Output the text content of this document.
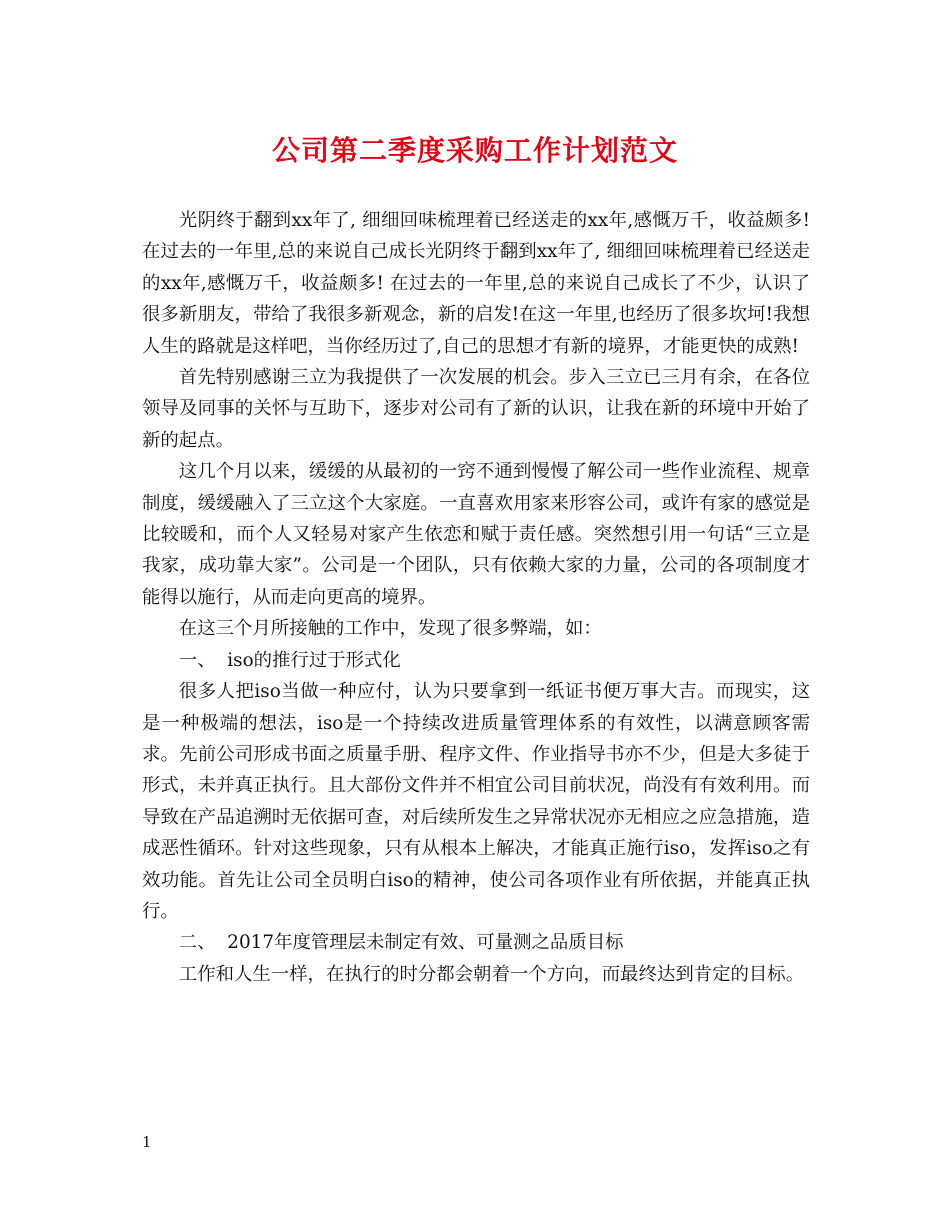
公司第二季度采购工作计划范文

光阴终于翻到xx年了, 细细回味梳理着已经送走的xx年,感慨万千，收益颇多! 在过去的一年里,总的来说自己成长光阴终于翻到xx年了, 细细回味梳理着已经送走的xx年,感慨万千，收益颇多! 在过去的一年里,总的来说自己成长了不少，认识了很多新朋友，带给了我很多新观念，新的启发!在这一年里,也经历了很多坎坷!我想人生的路就是这样吧，当你经历过了,自己的思想才有新的境界，才能更快的成熟!

首先特别感谢三立为我提供了一次发展的机会。步入三立已三月有余，在各位领导及同事的关怀与互助下，逐步对公司有了新的认识，让我在新的环境中开始了新的起点。

这几个月以来，缓缓的从最初的一窍不通到慢慢了解公司一些作业流程、规章制度，缓缓融入了三立这个大家庭。一直喜欢用家来形容公司，或许有家的感觉是比较暖和，而个人又轻易对家产生依恋和赋于责任感。突然想引用一句话“三立是我家，成功靠大家”。公司是一个团队，只有依赖大家的力量，公司的各项制度才能得以施行，从而走向更高的境界。

在这三个月所接触的工作中，发现了很多弊端，如：

一、  iso的推行过于形式化

很多人把iso当做一种应付，认为只要拿到一纸证书便万事大吉。而现实，这是一种极端的想法，iso是一个持续改进质量管理体系的有效性，以满意顾客需求。先前公司形成书面之质量手册、程序文件、作业指导书亦不少，但是大多徒于形式，未并真正执行。且大部份文件并不相宜公司目前状况，尚没有有效利用。而导致在产品追溯时无依据可查，对后续所发生之异常状况亦无相应之应急措施，造成恶性循环。针对这些现象，只有从根本上解决，才能真正施行iso，发挥iso之有效功能。首先让公司全员明白iso的精神，使公司各项作业有所依据，并能真正执行。

二、  2017年度管理层未制定有效、可量测之品质目标

工作和人生一样，在执行的时分都会朝着一个方向，而最终达到肯定的目标。

1
